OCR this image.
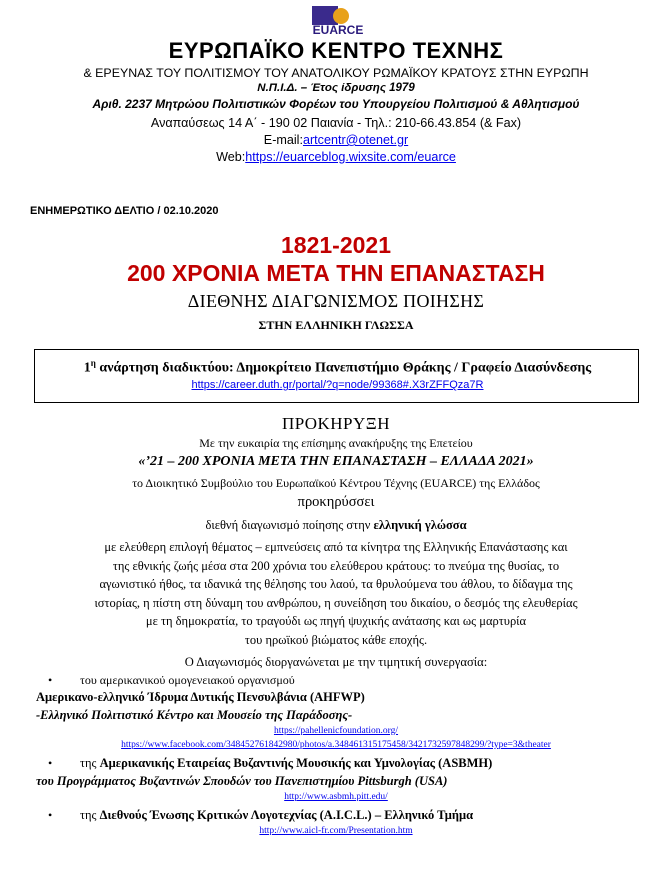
EUARCE
ΕΥΡΩΠΑΪΚΟ ΚΕΝΤΡΟ ΤΕΧΝΗΣ
& ΕΡΕΥΝΑΣ ΤΟΥ ΠΟΛΙΤΙΣΜΟΥ ΤΟΥ ΑΝΑΤΟΛΙΚΟΥ ΡΩΜΑΪΚΟΥ ΚΡΑΤΟΥΣ ΣΤΗΝ ΕΥΡΩΠΗ
Ν.Π.Ι.Δ. – Έτος ίδρυσης 1979
Αριθ. 2237 Μητρώου Πολιτιστικών Φορέων του Υπουργείου Πολιτισμού & Αθλητισμού
Αναπαύσεως 14 Α΄ - 190 02 Παιανία - Τηλ.: 210-66.43.854 (& Fax)
E-mail:artcentr@otenet.gr
Web:https://euarceblog.wixsite.com/euarce
ΕΝΗΜΕΡΩΤΙΚΟ ΔΕΛΤΙΟ / 02.10.2020
1821-2021
200 ΧΡΟΝΙΑ ΜΕΤΑ ΤΗΝ ΕΠΑΝΑΣΤΑΣΗ
ΔΙΕΘΝΗΣ ΔΙΑΓΩΝΙΣΜΟΣ ΠΟΙΗΣΗΣ
ΣΤΗΝ ΕΛΛΗΝΙΚΗ ΓΛΩΣΣΑ
$1^\eta$ ανάρτηση διαδικτύου: Δημοκρίτειο Πανεπιστήμιο Θράκης / Γραφείο Διασύνδεσης
https://career.duth.gr/portal/?q=node/99368#.X3rZFFQza7R
ΠΡΟΚΗΡΥΞΗ
Με την ευκαιρία της επίσημης ανακήρυξης της Επετείου
«’21 – 200 ΧΡΟΝΙΑ ΜΕΤΑ ΤΗΝ ΕΠΑΝΑΣΤΑΣΗ – ΕΛΛΑΔΑ 2021»
το Διοικητικό Συμβούλιο του Ευρωπαϊκού Κέντρου Τέχνης (EUARCE) της Ελλάδος
προκηρύσσει
διεθνή διαγωνισμό ποίησης στην ελληνική γλώσσα
με ελεύθερη επιλογή θέματος – εμπνεύσεις από τα κίνητρα της Ελληνικής Επανάστασης και
της εθνικής ζωής μέσα στα 200 χρόνια του ελεύθερου κράτους: το πνεύμα της θυσίας, το
αγωνιστικό ήθος, τα ιδανικά της θέλησης του λαού, τα θρυλούμενα του άθλου, το δίδαγμα της
ιστορίας, η πίστη στη δύναμη του ανθρώπου, η συνείδηση του δικαίου, ο δεσμός της ελευθερίας
με τη δημοκρατία, το τραγούδι ως πηγή ψυχικής ανάτασης και ως μαρτυρία
του ηρωϊκού βιώματος κάθε εποχής.
Ο Διαγωνισμός διοργανώνεται με την τιμητική συνεργασία:
• του αμερικανικού ομογενειακού οργανισμού
Αμερικανο-ελληνικό Ίδρυμα Δυτικής Πενσυλβάνια (AHFWP)
-Ελληνικό Πολιτιστικό Κέντρο και Μουσείο της Παράδοσης-
https://pahellenicfoundation.org/
https://www.facebook.com/348452761842980/photos/a.348461315175458/3421732597848299/?type=3&theater
• της Αμερικανικής Εταιρείας Βυζαντινής Μουσικής και Υμνολογίας (ASBMH)
του Προγράμματος Βυζαντινών Σπουδών του Πανεπιστημίου Pittsburgh (USA)
http://www.asbmh.pitt.edu/
• της Διεθνούς Ένωσης Κριτικών Λογοτεχνίας (A.I.C.L.) – Ελληνικό Τμήμα
http://www.aicl-fr.com/Presentation.htm
